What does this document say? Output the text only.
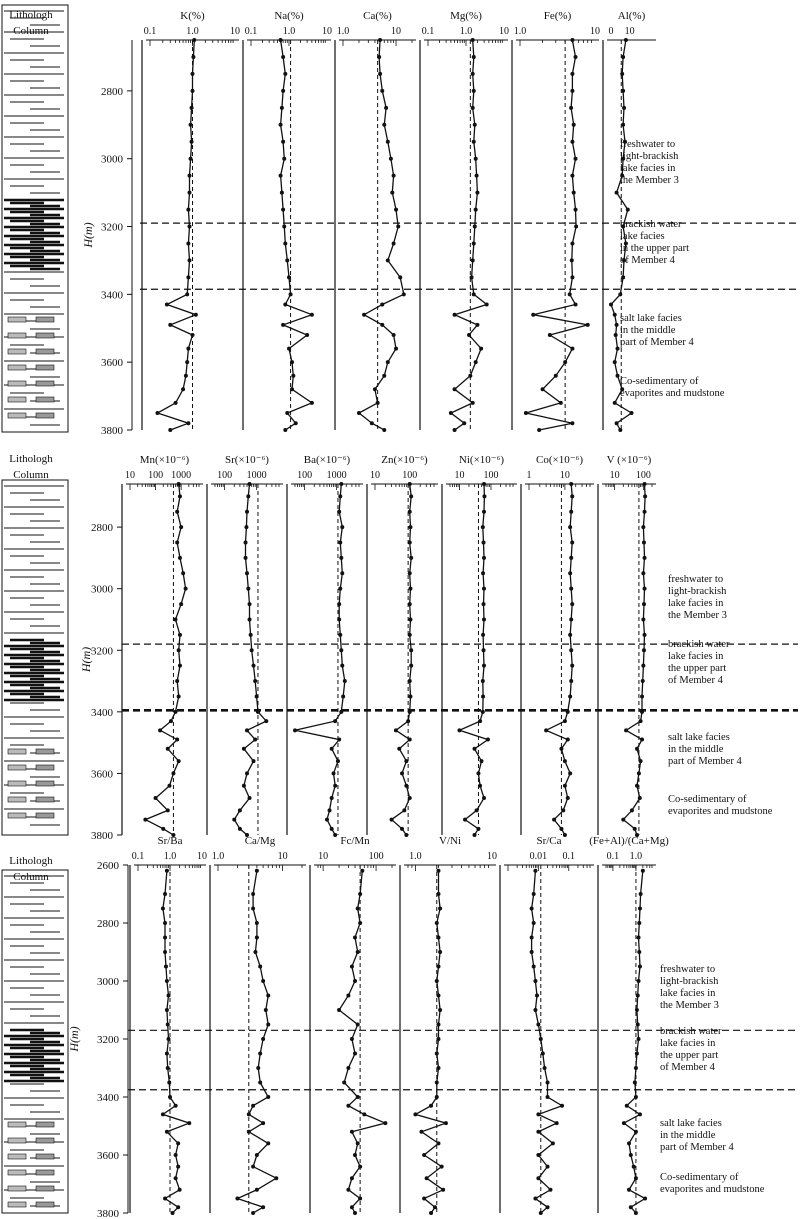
Lithologh
Column
2800
3000
3200
3400
3600
3800
H(m)
0.1	1.0	10
K(%)
0.1	1.0	10
Na(%)
1.0	10
Ca(%)
0.1	1.0	10
Mg(%)
1.0	10
Fe(%)
0 10
Al(%)
freshwater to
light-brackish
lake facies in
the Member 3
brackish water
lake facies
in the upper part
of Member 4
salt lake facies
in the middle
part of Member 4
Co-sedimentary of
evaporites and mudstone
Lithologh
Column
2800
3000
3200
3400
3600
3800
H(m)
10 100 1000
Mn(×10⁻⁶)
100 1000
Sr(×10⁻⁶)
100 1000
Ba(×10⁻⁶)
10 100
Zn(×10⁻⁶)
10 100
Ni(×10⁻⁶)
1	10
Co(×10⁻⁶)
10 100
V (×10⁻⁶)
freshwater to
light-brackish
lake facies in
the Member 3
brackish water
lake facies in
the upper part
of Member 4
salt lake facies
in the middle
part of Member 4
Co-sedimentary of
evaporites and mudstone
Lithologh
Column
2600
2800
3000
3200
3400
3600
3800
H(m)
0.1 1.0 10
Sr/Ba
1.0	10
Ca/Mg
10	100
Fc/Mn
1.0	10
V/Ni
0.01 0.1
Sr/Ca
0.1 1.0
(Fe+Al)/(Ca+Mg)
freshwater to
light-brackish
lake facies in
the Member 3
brackish water
lake facies in
the upper part
of Member 4
salt lake facies
in the middle
part of Member 4
Co-sedimentary of
evaporites and mudstone
